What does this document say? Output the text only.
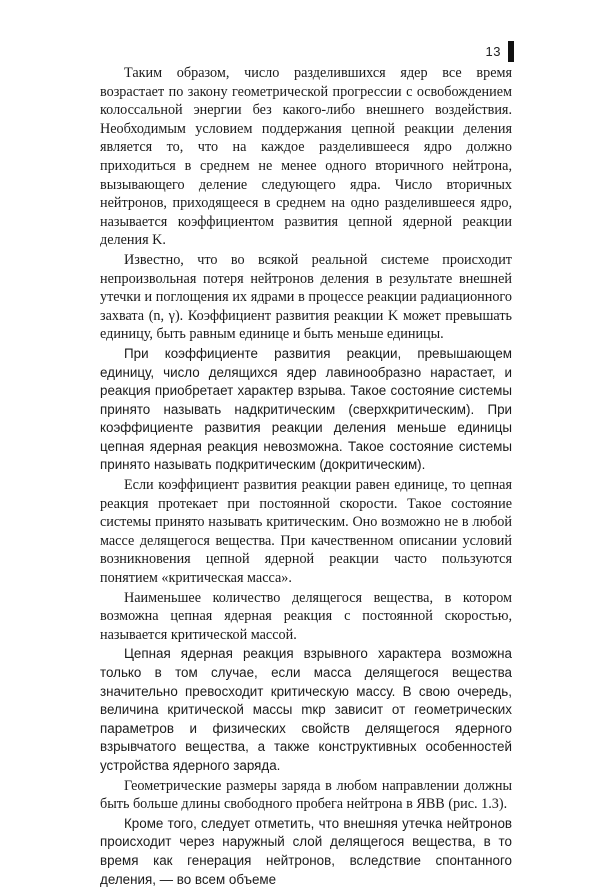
13

Таким образом, число разделившихся ядер все время возрастает по закону геометрической прогрессии с освобождением колоссальной энергии без какого-либо внешнего воздействия. Необходимым условием поддержания цепной реакции деления является то, что на каждое разделившееся ядро должно приходиться в среднем не менее одного вторичного нейтрона, вызывающего деление следующего ядра. Число вторичных нейтронов, приходящееся в среднем на одно разделившееся ядро, называется коэффициентом развития цепной ядерной реакции деления K.

Известно, что во всякой реальной системе происходит непроизвольная потеря нейтронов деления в результате внешней утечки и поглощения их ядрами в процессе реакции радиационного захвата (n, γ). Коэффициент развития реакции K может превышать единицу, быть равным единице и быть меньше единицы.

При коэффициенте развития реакции, превышающем единицу, число делящихся ядер лавинообразно нарастает, и реакция приобретает характер взрыва. Такое состояние системы принято называть надкритическим (сверхкритическим). При коэффициенте развития реакции деления меньше единицы цепная ядерная реакция невозможна. Такое состояние системы принято называть подкритическим (докритическим).

Если коэффициент развития реакции равен единице, то цепная реакция протекает при постоянной скорости. Такое состояние системы принято называть критическим. Оно возможно не в любой массе делящегося вещества. При качественном описании условий возникновения цепной ядерной реакции часто пользуются понятием «критическая масса».

Наименьшее количество делящегося вещества, в котором возможна цепная ядерная реакция с постоянной скоростью, называется критической массой.

Цепная ядерная реакция взрывного характера возможна только в том случае, если масса делящегося вещества значительно превосходит критическую массу. В свою очередь, величина критической массы mкр зависит от геометрических параметров и физических свойств делящегося ядерного взрывчатого вещества, а также конструктивных особенностей устройства ядерного заряда.

Геометрические размеры заряда в любом направлении должны быть больше длины свободного пробега нейтрона в ЯВВ (рис. 1.3).

Кроме того, следует отметить, что внешняя утечка нейтронов происходит через наружный слой делящегося вещества, в то время как генерация нейтронов, вследствие спонтанного деления, — во всем объеме
